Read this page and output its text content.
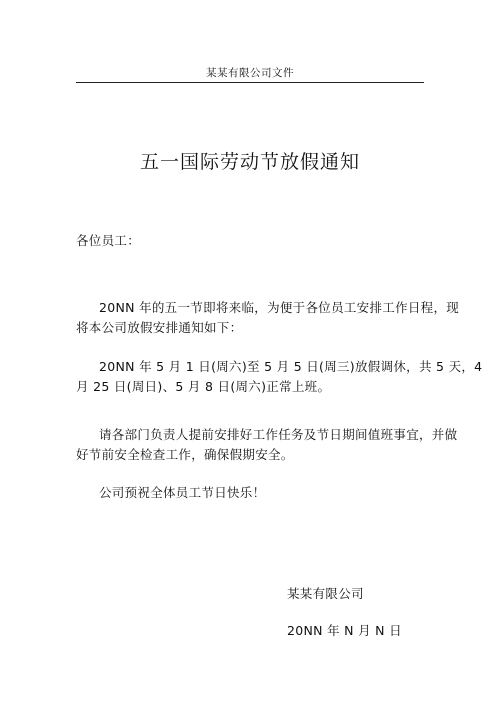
某某有限公司文件
五一国际劳动节放假通知

各位员工：

20NN 年的五一节即将来临，为便于各位员工安排工作日程，现
将本公司放假安排通知如下：

20NN 年 5 月 1 日(周六)至 5 月 5 日(周三)放假调休，共 5 天，4
月 25 日(周日)、5 月 8 日(周六)正常上班。

请各部门负责人提前安排好工作任务及节日期间值班事宜，并做
好节前安全检查工作，确保假期安全。

公司预祝全体员工节日快乐！

某某有限公司
20NN 年 N 月 N 日
